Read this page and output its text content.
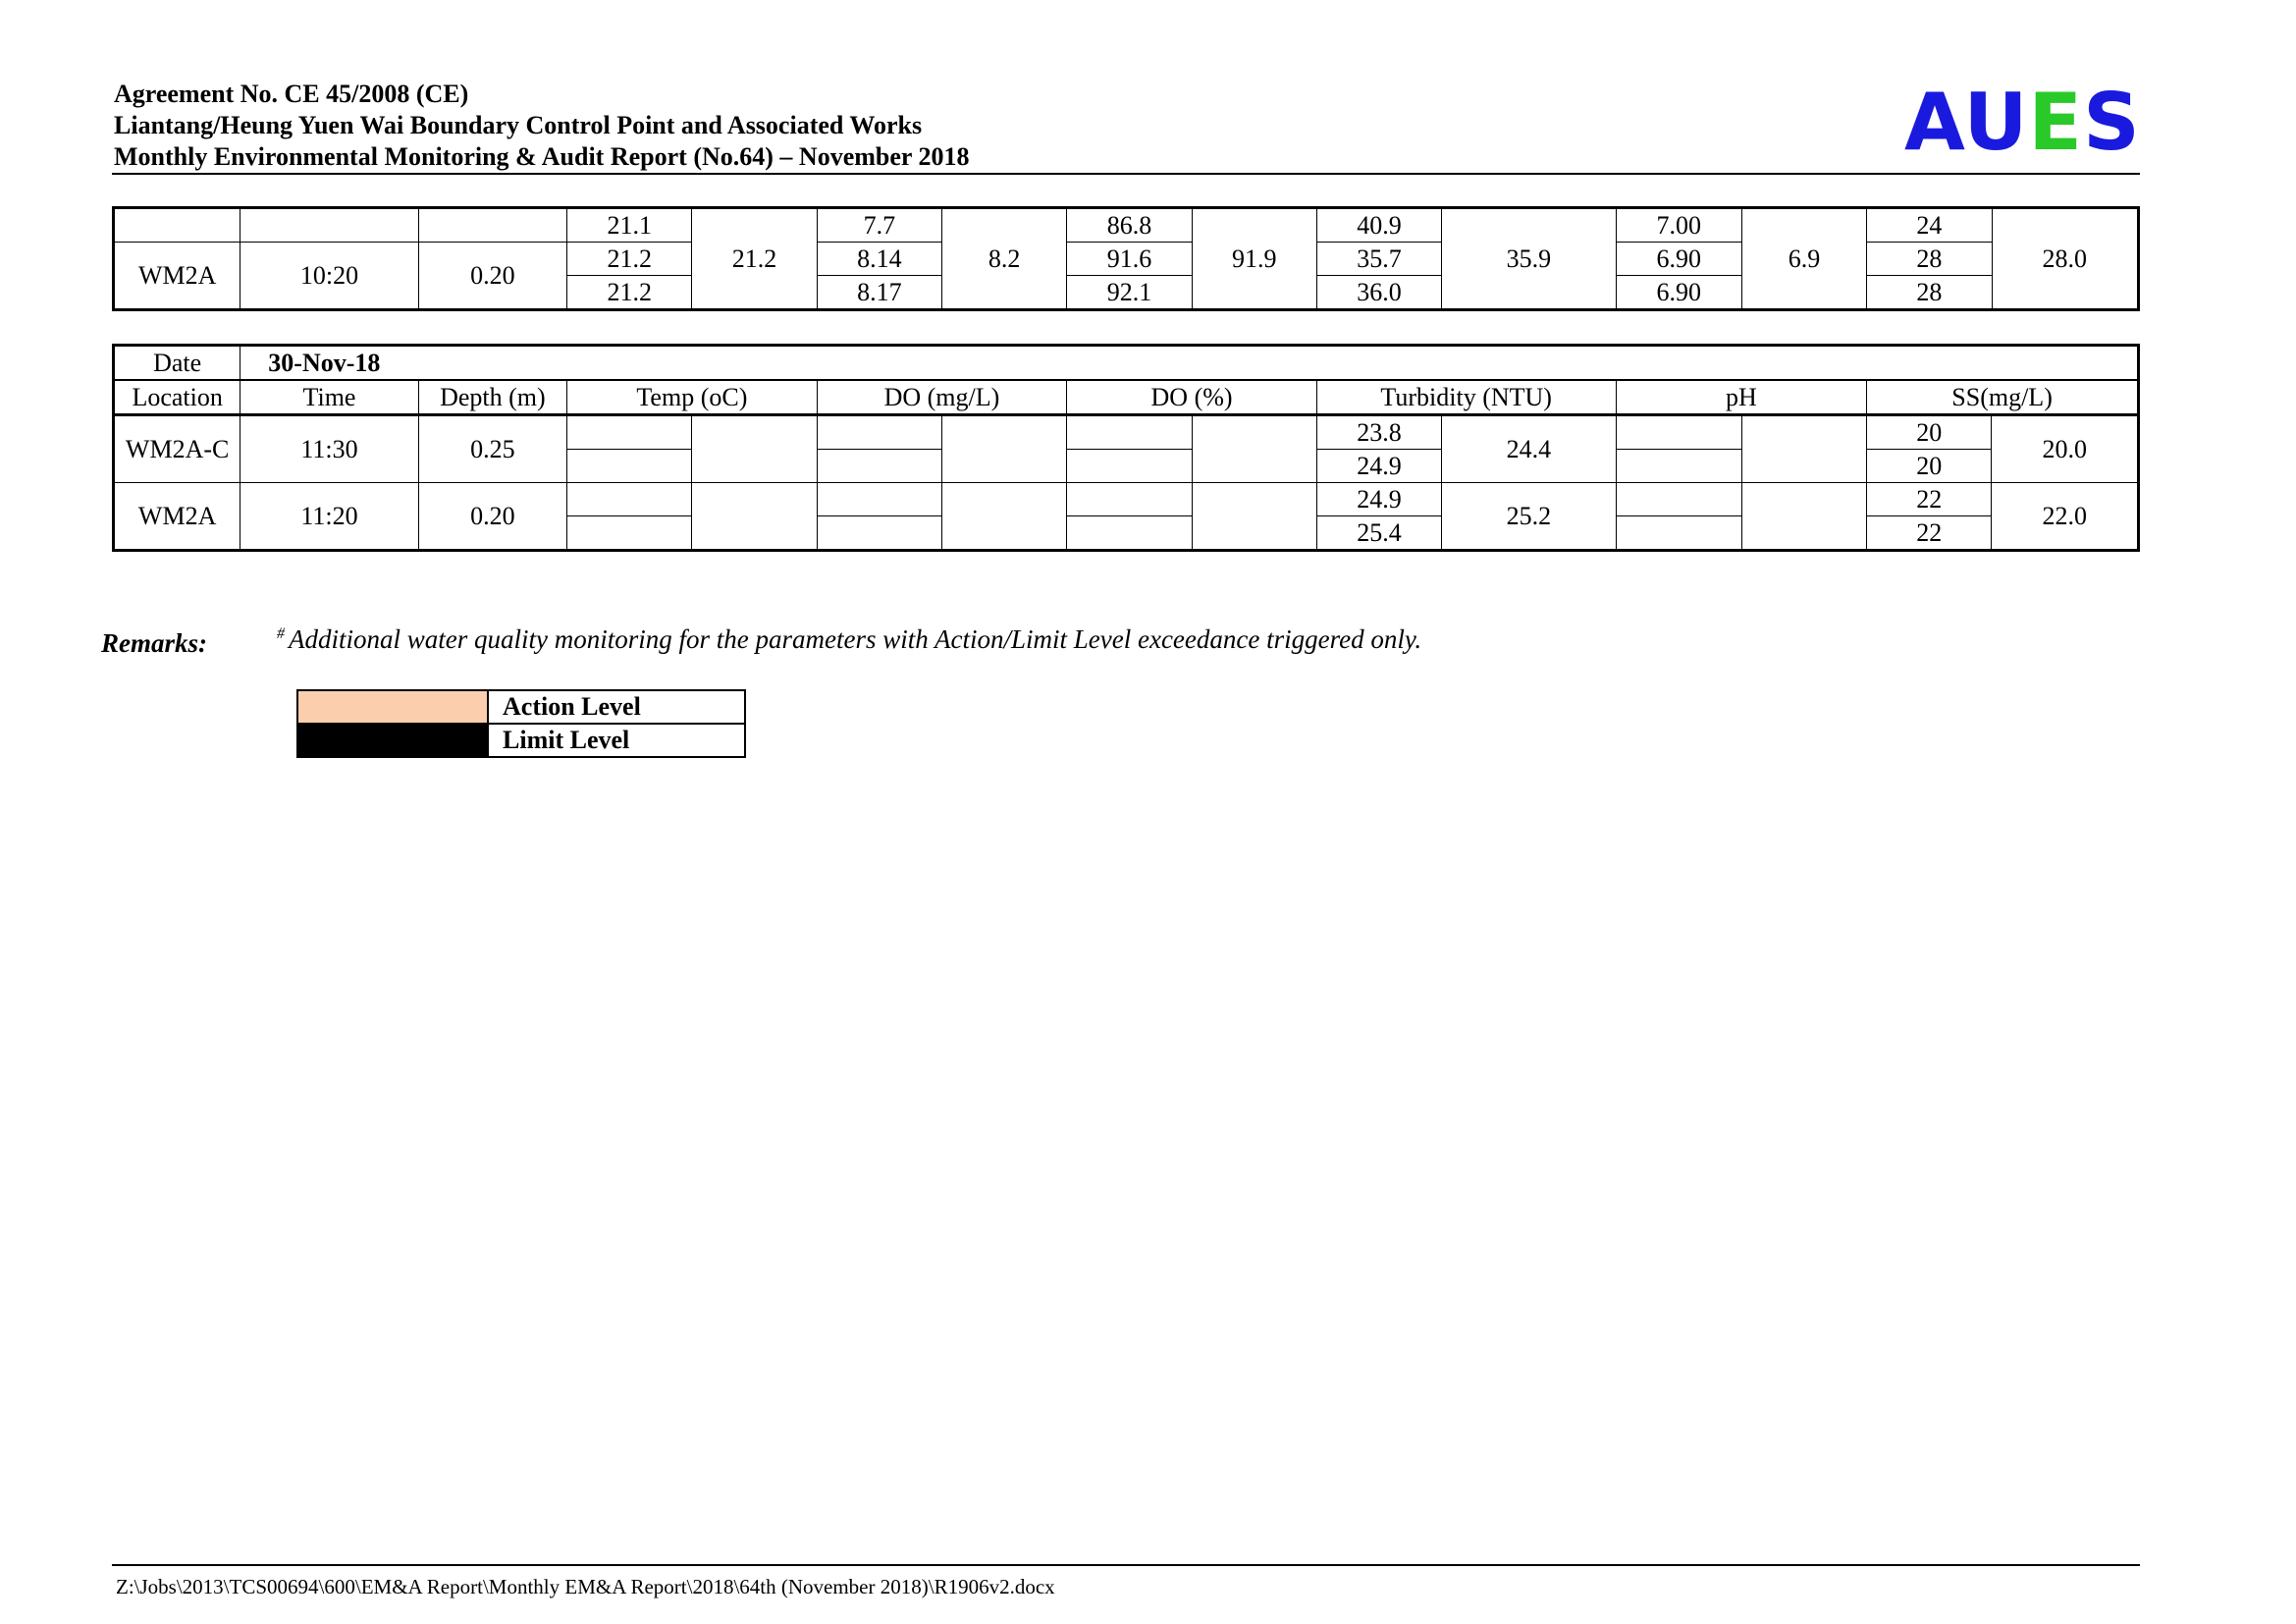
Agreement No. CE 45/2008 (CE)
Liantang/Heung Yuen Wai Boundary Control Point and Associated Works
Monthly Environmental Monitoring & Audit Report (No.64) – November 2018	AUES
			21.1	21.2	7.7	8.2	86.8	91.9	40.9	35.9	7.00	6.9	24	28.0
WM2A	10:20	0.20	21.2		8.14		91.6		35.7		6.90		28	
			21.2		8.17		92.1		36.0		6.90		28	
Date	30-Nov-18													
Location	Time	Depth (m)	Temp (oC)		DO (mg/L)		DO (%)		Turbidity (NTU)		pH		SS(mg/L)	
WM2A-C	11:30	0.25							23.8	24.4			20	20.0
									24.9				20	
WM2A	11:20	0.20							24.9	25.2			22	22.0
									25.4				22	
Remarks:	# Additional water quality monitoring for the parameters with Action/Limit Level exceedance triggered only.
	Action Level
	Limit Level
Z:\Jobs\2013\TCS00694\600\EM&A Report\Monthly EM&A Report\2018\64th (November 2018)\R1906v2.docx
